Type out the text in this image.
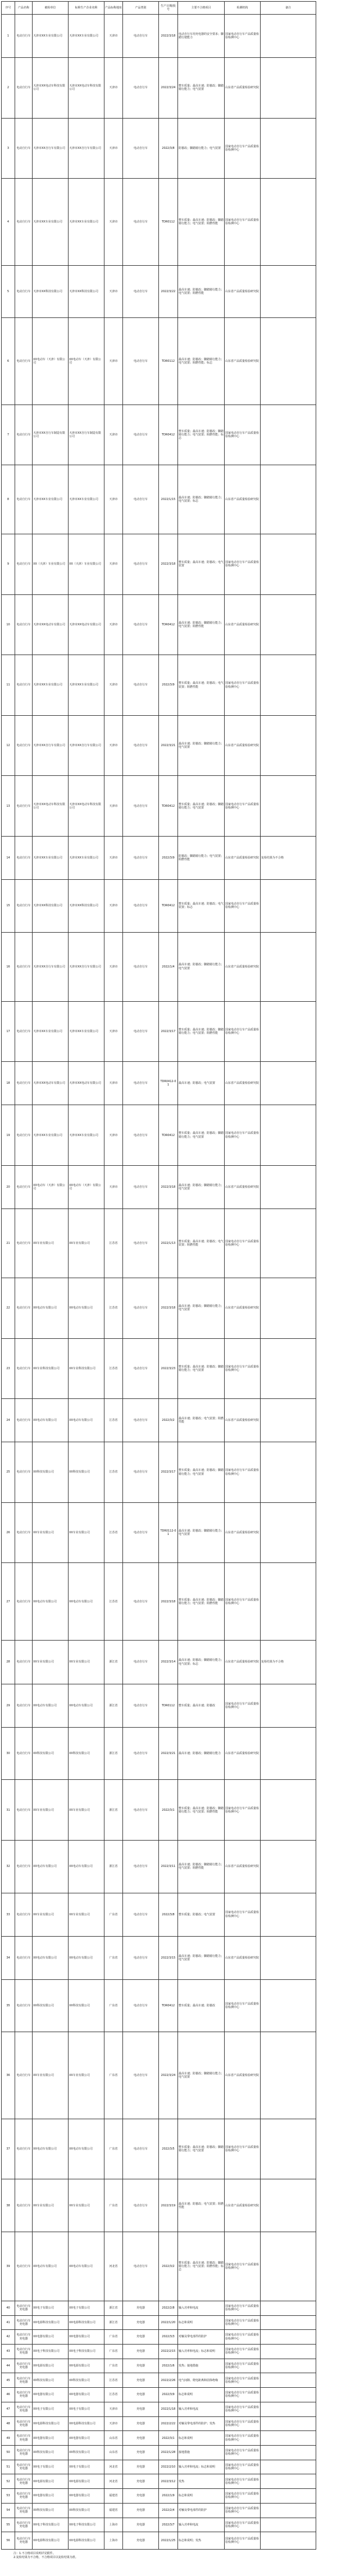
序号	产品名称	被检单位	标称生产企业名称	产品标称地址	产品类别	生产日期/批号	主要不合格项目	检测机构	备注
1	电动自行车	天津市XX车业有限公司	天津市XX车业有限公司	天津市	电动自行车	2022/3/18	电动自行车用充电器的安全要求；脚踏行驶能力	国家电动自行车产品质量检验检测中心	
2	电动自行车	天津市XX电动车科技有限公司	天津市XX电动车科技有限公司	天津市	电动自行车	2022/3/24	整车质量；最高车速；防篡改；脚踏骑行能力；电气装置	山东省产品质量检验研究院	
3	电动自行车	天津市XX自行车有限公司	天津市XX自行车有限公司	天津市	电动自行车	2022/3/8	防篡改；脚踏骑行能力；电气装置	国家电动自行车产品质量检验检测中心	
4	电动自行车	天津市XX车业有限公司	天津市XX车业有限公司	天津市	电动自行车	TDR0112	整车质量；最高车速；防篡改；脚踏骑行能力；电气装置；阻燃性能	国家电动自行车产品质量检验检测中心	
5	电动自行车	天津市XX科技有限公司	天津市XX科技有限公司	天津市	电动自行车	2022/3/22	最高车速；防篡改；脚踏骑行能力；电气装置；阻燃性能	山东省产品质量检验研究院	
6	电动自行车	XX电动车（天津）有限公司	XX电动车（天津）有限公司	天津市	电动自行车	TDR0112	最高车速；防篡改；脚踏骑行能力；电气装置；阻燃性能；标志	山东省产品质量检验研究院	
7	电动自行车	天津市XX自行车制造有限公司	天津市XX自行车制造有限公司	天津市	电动自行车	TDR0412	整车质量；最高车速；防篡改；脚踏骑行能力；电气装置；阻燃性能；标志	国家电动自行车产品质量检验检测中心	
8	电动自行车	天津市XX车业有限公司	天津市XX车业有限公司	天津市	电动自行车	2022/1/15	最高车速；防篡改；脚踏骑行能力；电气装置；标志	山东省产品质量检验研究院	
9	电动自行车	XX（天津）车业有限公司	XX（天津）车业有限公司	天津市	电动自行车	2022/3/18	整车质量；最高车速；防篡改；电气装置	国家电动自行车产品质量检验检测中心	
10	电动自行车	天津市XX电动车有限公司	天津市XX电动车有限公司	天津市	电动自行车	TDR0412	最高车速；防篡改；脚踏骑行能力；电气装置；阻燃性能	山东省产品质量检验研究院	
11	电动自行车	天津市XX车业有限公司	天津市XX车业有限公司	天津市	电动自行车	2022/3/9	整车质量；最高车速；防篡改；电气装置；阻燃性能	国家电动自行车产品质量检验检测中心	
12	电动自行车	天津市XX自行车有限公司	天津市XX自行车有限公司	天津市	电动自行车	2022/3/21	最高车速；防篡改；脚踏骑行能力；电气装置	山东省产品质量检验研究院	
13	电动自行车	天津市XX电动车科技有限公司	天津市XX电动车科技有限公司	天津市	电动自行车	TDR0412	整车质量；最高车速；防篡改；脚踏骑行能力；电气装置	国家电动自行车产品质量检验检测中心	
14	电动自行车	天津市XX车业有限公司	天津市XX车业有限公司	天津市	电动自行车	2022/3/9	防篡改；脚踏骑行能力；电气装置；阻燃性能	山东省产品质量检验研究院	复检结果为不合格
15	电动自行车	天津市XX科技有限公司	天津市XX科技有限公司	天津市	电动自行车	TDR0412	整车质量；最高车速；防篡改；电气装置；标志	国家电动自行车产品质量检验检测中心	
16	电动自行车	天津市XX自行车有限公司	天津市XX自行车有限公司	天津市	电动自行车	2022/1/4	最高车速；防篡改；脚踏骑行能力；电气装置	山东省产品质量检验研究院	
17	电动自行车	天津市XX车业有限公司	天津市XX车业有限公司	天津市	电动自行车	2022/3/17	整车质量；最高车速；防篡改；脚踏骑行能力；电气装置；阻燃性能	国家电动自行车产品质量检验检测中心	
18	电动自行车	天津市XX电动车有限公司	天津市XX电动车有限公司	天津市	电动自行车	TDR0412-01	最高车速；防篡改；电气装置	山东省产品质量检验研究院	
19	电动自行车	天津市XX车业有限公司	天津市XX车业有限公司	天津市	电动自行车	TDR0412	整车质量；最高车速；防篡改；脚踏骑行能力；电气装置	国家电动自行车产品质量检验检测中心	
20	电动自行车	XX电动车（天津）有限公司	XX电动车（天津）有限公司	天津市	电动自行车	2022/3/18	最高车速；防篡改；脚踏骑行能力；电气装置	山东省产品质量检验研究院	
21	电动自行车	XX车业有限公司	XX车业有限公司	江苏省	电动自行车	2022/1/13	整车质量；最高车速；防篡改；电气装置；阻燃性能	国家电动自行车产品质量检验检测中心	
22	电动自行车	XX电动车有限公司	XX电动车有限公司	江苏省	电动自行车	2022/3/18	最高车速；防篡改；脚踏骑行能力；电气装置	山东省产品质量检验研究院	
23	电动自行车	XX车业科技有限公司	XX车业科技有限公司	江苏省	电动自行车	2022/3/23	整车质量；最高车速；防篡改；脚踏骑行能力；电气装置	国家电动自行车产品质量检验检测中心	
24	电动自行车	XX电动车有限公司	XX电动车有限公司	江苏省	电动自行车	2022/3/2	最高车速；防篡改；电气装置；阻燃性能	山东省产品质量检验研究院	
25	电动自行车	XX科技有限公司	XX科技有限公司	江苏省	电动自行车	2022/3/17	整车质量；最高车速；防篡改；脚踏骑行能力；电气装置	国家电动自行车产品质量检验检测中心	
26	电动自行车	XX车业有限公司	XX车业有限公司	江苏省	电动自行车	TDR0112-01	最高车速；防篡改；脚踏骑行能力；电气装置	山东省产品质量检验研究院	
27	电动自行车	XX电动车有限公司	XX电动车有限公司	江苏省	电动自行车	2022/3/18	整车质量；最高车速；防篡改；脚踏骑行能力；电气装置；阻燃性能	国家电动自行车产品质量检验检测中心	
28	电动自行车	XX车业有限公司	XX车业有限公司	浙江省	电动自行车	2022/3/14	最高车速；防篡改；脚踏骑行能力；电气装置；标志	山东省产品质量检验研究院	复检结果为不合格
29	电动自行车	XX电动车有限公司	XX电动车有限公司	浙江省	电动自行车	TDR0112	整车质量；最高车速；防篡改	国家电动自行车产品质量检验检测中心	
30	电动自行车	XX科技有限公司	XX科技有限公司	浙江省	电动自行车	2022/3/21	最高车速；防篡改；脚踏骑行能力	山东省产品质量检验研究院	
31	电动自行车	XX车业有限公司	XX车业有限公司	浙江省	电动自行车	2022/3/1	整车质量；最高车速；防篡改；脚踏骑行能力；电气装置；阻燃性能	国家电动自行车产品质量检验检测中心	
32	电动自行车	XX电动车有限公司	XX电动车有限公司	浙江省	电动自行车	2022/3/11	最高车速；防篡改；脚踏骑行能力；电气装置；阻燃性能	山东省产品质量检验研究院	
33	电动自行车	XX车业有限公司	XX车业有限公司	广东省	电动自行车	2022/3/8	整车质量；防篡改；电气装置	国家电动自行车产品质量检验检测中心	
34	电动自行车	XX电动车有限公司	XX电动车有限公司	广东省	电动自行车	2022/3/15	最高车速；防篡改；脚踏骑行能力；电气装置	山东省产品质量检验研究院	
35	电动自行车	XX科技有限公司	XX科技有限公司	广东省	电动自行车	TDR0412	整车质量；最高车速；防篡改	国家电动自行车产品质量检验检测中心	
36	电动自行车	XX车业有限公司	XX车业有限公司	广东省	电动自行车	2022/3/24	最高车速；防篡改；脚踏骑行能力；电气装置	山东省产品质量检验研究院	
37	电动自行车	XX电动车有限公司	XX电动车有限公司	广东省	电动自行车	2022/3/5	整车质量；最高车速；防篡改；脚踏骑行能力；电气装置	国家电动自行车产品质量检验检测中心	
38	电动自行车	XX车业有限公司	XX车业有限公司	广东省	电动自行车	2022/3/19	最高车速；防篡改；电气装置；阻燃性能	山东省产品质量检验研究院	
39	电动自行车	XX电动车有限公司	XX电动车有限公司	河北省	电动自行车	2022/3/2	整车质量；最高车速；防篡改；脚踏骑行能力；电气装置；阻燃性能；标志	国家电动自行车产品质量检验检测中心	
40	电动自行车充电器	XX电子有限公司	XX电子有限公司	浙江省	充电器	2022/2/8	输入功率和电流	国家电动自行车产品质量检验检测中心	
41	电动自行车充电器	XX电源科技有限公司	XX电源科技有限公司	浙江省	充电器	2022/1/20	标志和说明	国家电动自行车产品质量检验检测中心	
42	电动自行车充电器	XX电器有限公司	XX电器有限公司	广东省	充电器	2022/3/3	对触及带电部件的防护	国家电动自行车产品质量检验检测中心	
43	电动自行车充电器	XX电子科技有限公司	XX电子科技有限公司	广东省	充电器	2022/2/15	输入功率和电流；标志和说明	国家电动自行车产品质量检验检测中心	
44	电动自行车充电器	XX电源有限公司	XX电源有限公司	广东省	充电器	2022/1/6	发热；接地措施	国家电动自行车产品质量检验检测中心	
45	电动自行车充电器	XX科技有限公司	XX科技有限公司	江苏省	充电器	2022/2/26	电气间隙、爬电距离和固体绝缘	国家电动自行车产品质量检验检测中心	
46	电动自行车充电器	XX电器有限公司	XX电器有限公司	江苏省	充电器	2022/3/9	标志和说明	国家电动自行车产品质量检验检测中心	
47	电动自行车充电器	XX电子有限公司	XX电子有限公司	天津市	充电器	2022/1/18	输入功率和电流	国家电动自行车产品质量检验检测中心	
48	电动自行车充电器	XX电源科技有限公司	XX电源科技有限公司	天津市	充电器	2022/2/22	对触及带电部件的防护；发热	国家电动自行车产品质量检验检测中心	
49	电动自行车充电器	XX电器有限公司	XX电器有限公司	山东省	充电器	2022/3/1	标志和说明	国家电动自行车产品质量检验检测中心	
50	电动自行车充电器	XX科技有限公司	XX科技有限公司	山东省	充电器	2022/1/28	接地措施	国家电动自行车产品质量检验检测中心	
51	电动自行车充电器	XX电子有限公司	XX电子有限公司	河北省	充电器	2022/2/10	输入功率和电流；标志和说明	国家电动自行车产品质量检验检测中心	
52	电动自行车充电器	XX电源有限公司	XX电源有限公司	河北省	充电器	2022/3/12	发热	国家电动自行车产品质量检验检测中心	
53	电动自行车充电器	XX电器有限公司	XX电器有限公司	福建省	充电器	2022/1/9	标志和说明	国家电动自行车产品质量检验检测中心	
54	电动自行车充电器	XX科技有限公司	XX科技有限公司	福建省	充电器	2022/2/4	对触及带电部件的防护	国家电动自行车产品质量检验检测中心	
55	电动自行车充电器	XX电子科技有限公司	XX电子科技有限公司	上海市	充电器	2022/3/7	输入功率和电流	国家电动自行车产品质量检验检测中心	
56	电动自行车充电器	XX电源科技有限公司	XX电源科技有限公司	上海市	充电器	2022/1/25	标志和说明；发热	国家电动自行车产品质量检验检测中心	
注：1.不合格项目说明详见附件。
2.复检结果为不合格，不合格项目以复检结果为准。
